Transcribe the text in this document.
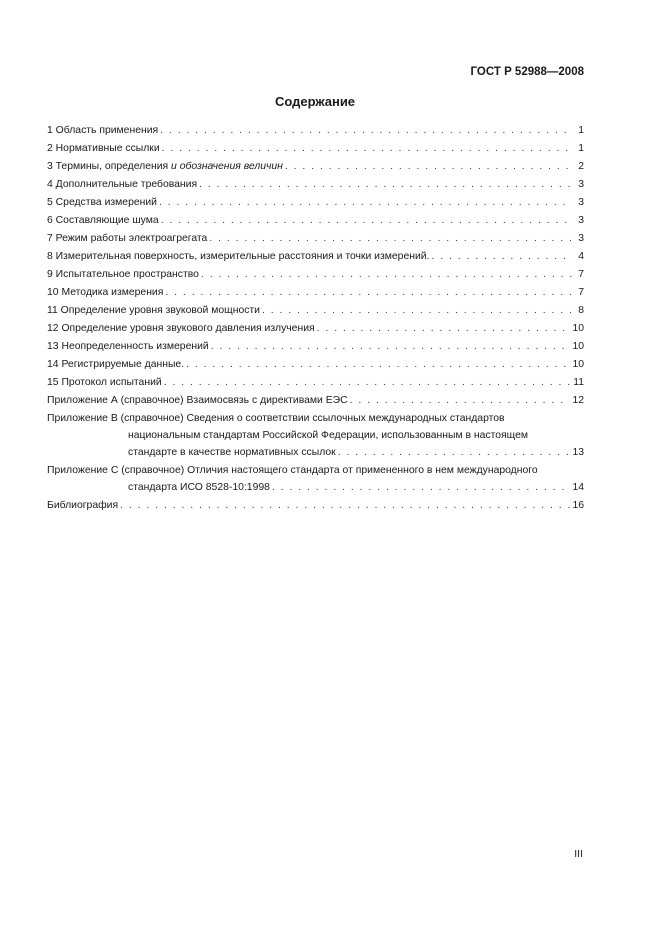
ГОСТ Р 52988—2008
Содержание
1 Область применения . . .	1
2 Нормативные ссылки . . .	1
3 Термины, определения и обозначения величин . . .	2
4 Дополнительные требования . . .	3
5 Средства измерений . . .	3
6 Составляющие шума . . .	3
7 Режим работы электроагрегата . . .	3
8 Измерительная поверхность, измерительные расстояния и точки измерений. . . .	4
9 Испытательное пространство . . .	7
10 Методика измерения . . .	7
11 Определение уровня звуковой мощности . . .	8
12 Определение уровня звукового давления излучения . . .	10
13 Неопределенность измерений . . .	10
14 Регистрируемые данные. . . .	10
15 Протокол испытаний . . .	11
Приложение А (справочное) Взаимосвязь с директивами ЕЭС . . .	12
Приложение В (справочное) Сведения о соответствии ссылочных международных стандартов
национальным стандартам Российской Федерации, использованным в настоящем
стандарте в качестве нормативных ссылок . . .	13
Приложение С (справочное) Отличия настоящего стандарта от примененного в нем международного
стандарта ИСО 8528-10:1998 . . .	14
Библиография . . .	16
III
